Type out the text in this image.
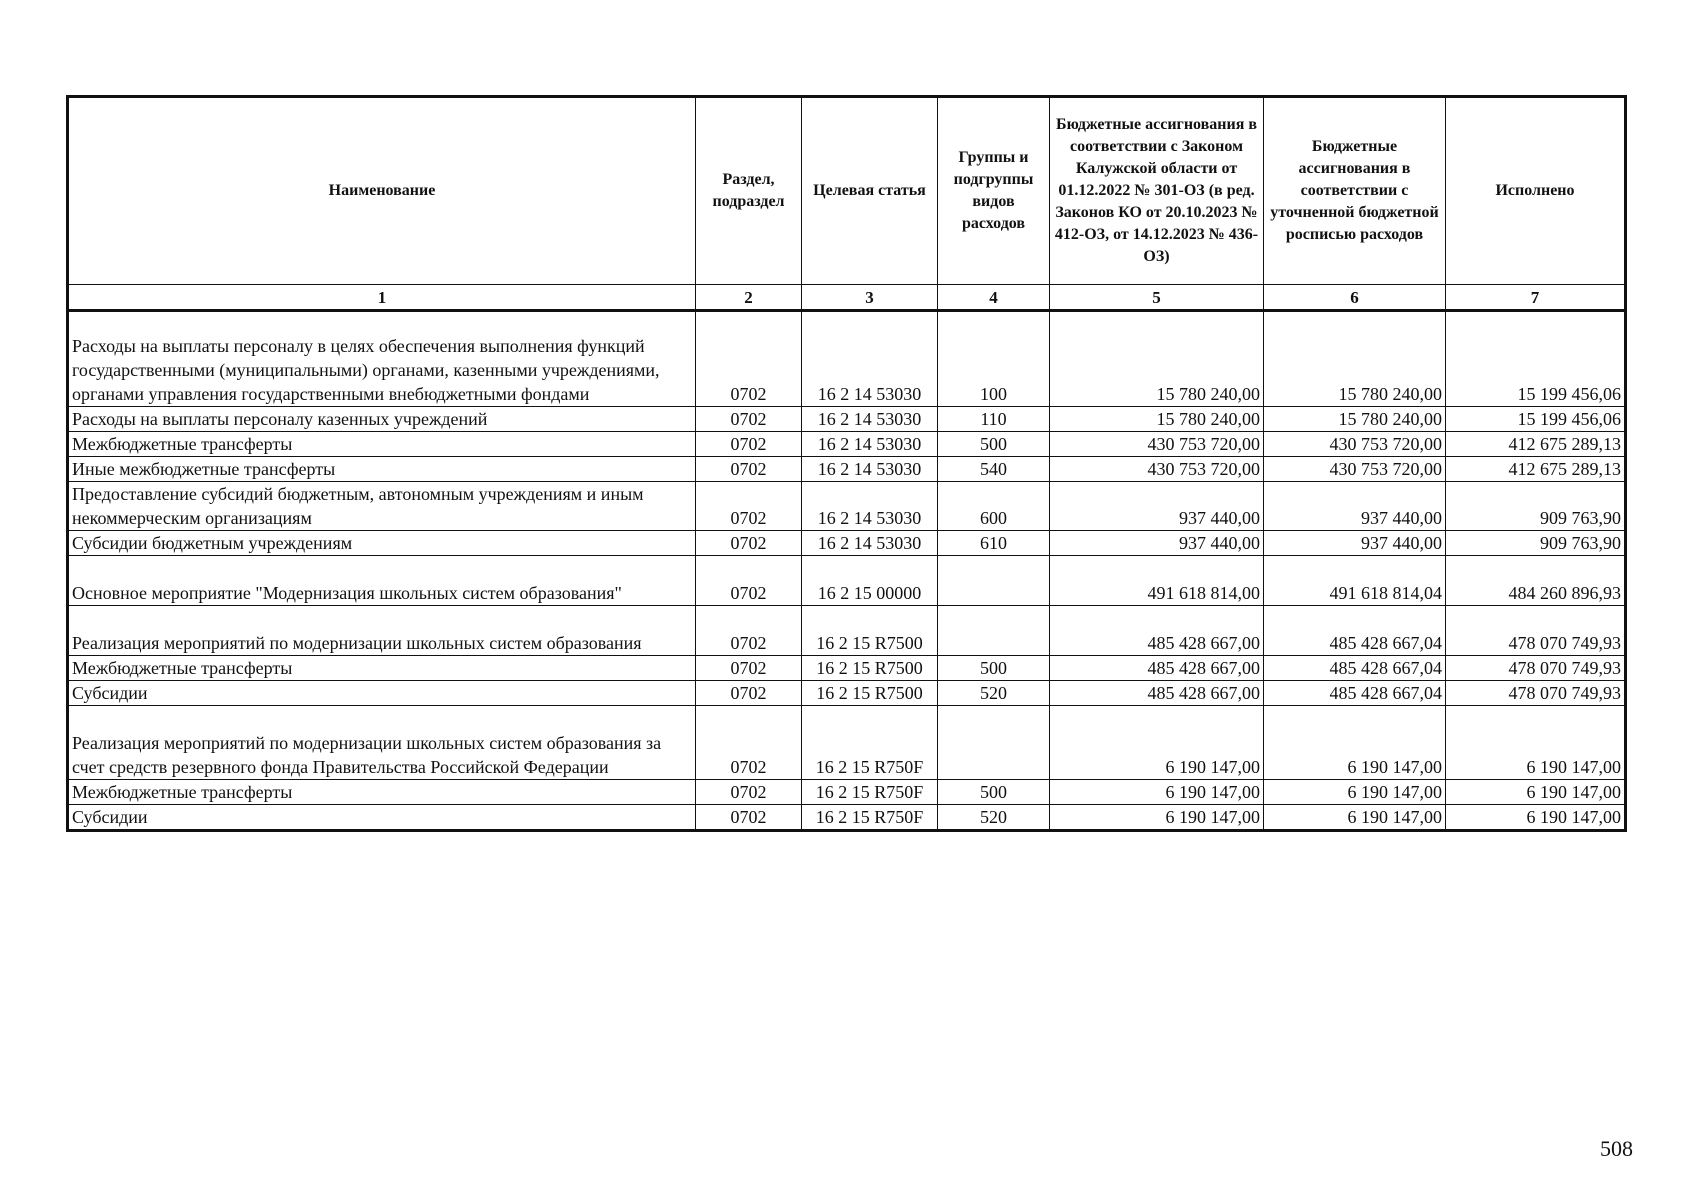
Наименование	Раздел, подраздел	Целевая статья	Группы и подгруппы видов расходов	Бюджетные ассигнования в соответствии с Законом Калужской области от 01.12.2022 № 301-ОЗ (в ред. Законов КО от 20.10.2023 № 412-ОЗ, от 14.12.2023 № 436-ОЗ)	Бюджетные ассигнования в соответствии с уточненной бюджетной росписью расходов	Исполнено
1	2	3	4	5	6	7
Расходы на выплаты персоналу в целях обеспечения выполнения функций государственными (муниципальными) органами, казенными учреждениями, органами управления государственными внебюджетными фондами	0702	16 2 14 53030	100	15 780 240,00	15 780 240,00	15 199 456,06
Расходы на выплаты персоналу казенных учреждений	0702	16 2 14 53030	110	15 780 240,00	15 780 240,00	15 199 456,06
Межбюджетные трансферты	0702	16 2 14 53030	500	430 753 720,00	430 753 720,00	412 675 289,13
Иные межбюджетные трансферты	0702	16 2 14 53030	540	430 753 720,00	430 753 720,00	412 675 289,13
Предоставление субсидий бюджетным, автономным учреждениям и иным некоммерческим организациям	0702	16 2 14 53030	600	937 440,00	937 440,00	909 763,90
Субсидии бюджетным учреждениям	0702	16 2 14 53030	610	937 440,00	937 440,00	909 763,90
Основное мероприятие "Модернизация школьных систем образования"	0702	16 2 15 00000		491 618 814,00	491 618 814,04	484 260 896,93
Реализация мероприятий по модернизации школьных систем образования	0702	16 2 15 R7500		485 428 667,00	485 428 667,04	478 070 749,93
Межбюджетные трансферты	0702	16 2 15 R7500	500	485 428 667,00	485 428 667,04	478 070 749,93
Субсидии	0702	16 2 15 R7500	520	485 428 667,00	485 428 667,04	478 070 749,93
Реализация мероприятий по модернизации школьных систем образования за счет средств резервного фонда Правительства Российской Федерации	0702	16 2 15 R750F		6 190 147,00	6 190 147,00	6 190 147,00
Межбюджетные трансферты	0702	16 2 15 R750F	500	6 190 147,00	6 190 147,00	6 190 147,00
Субсидии	0702	16 2 15 R750F	520	6 190 147,00	6 190 147,00	6 190 147,00
508
